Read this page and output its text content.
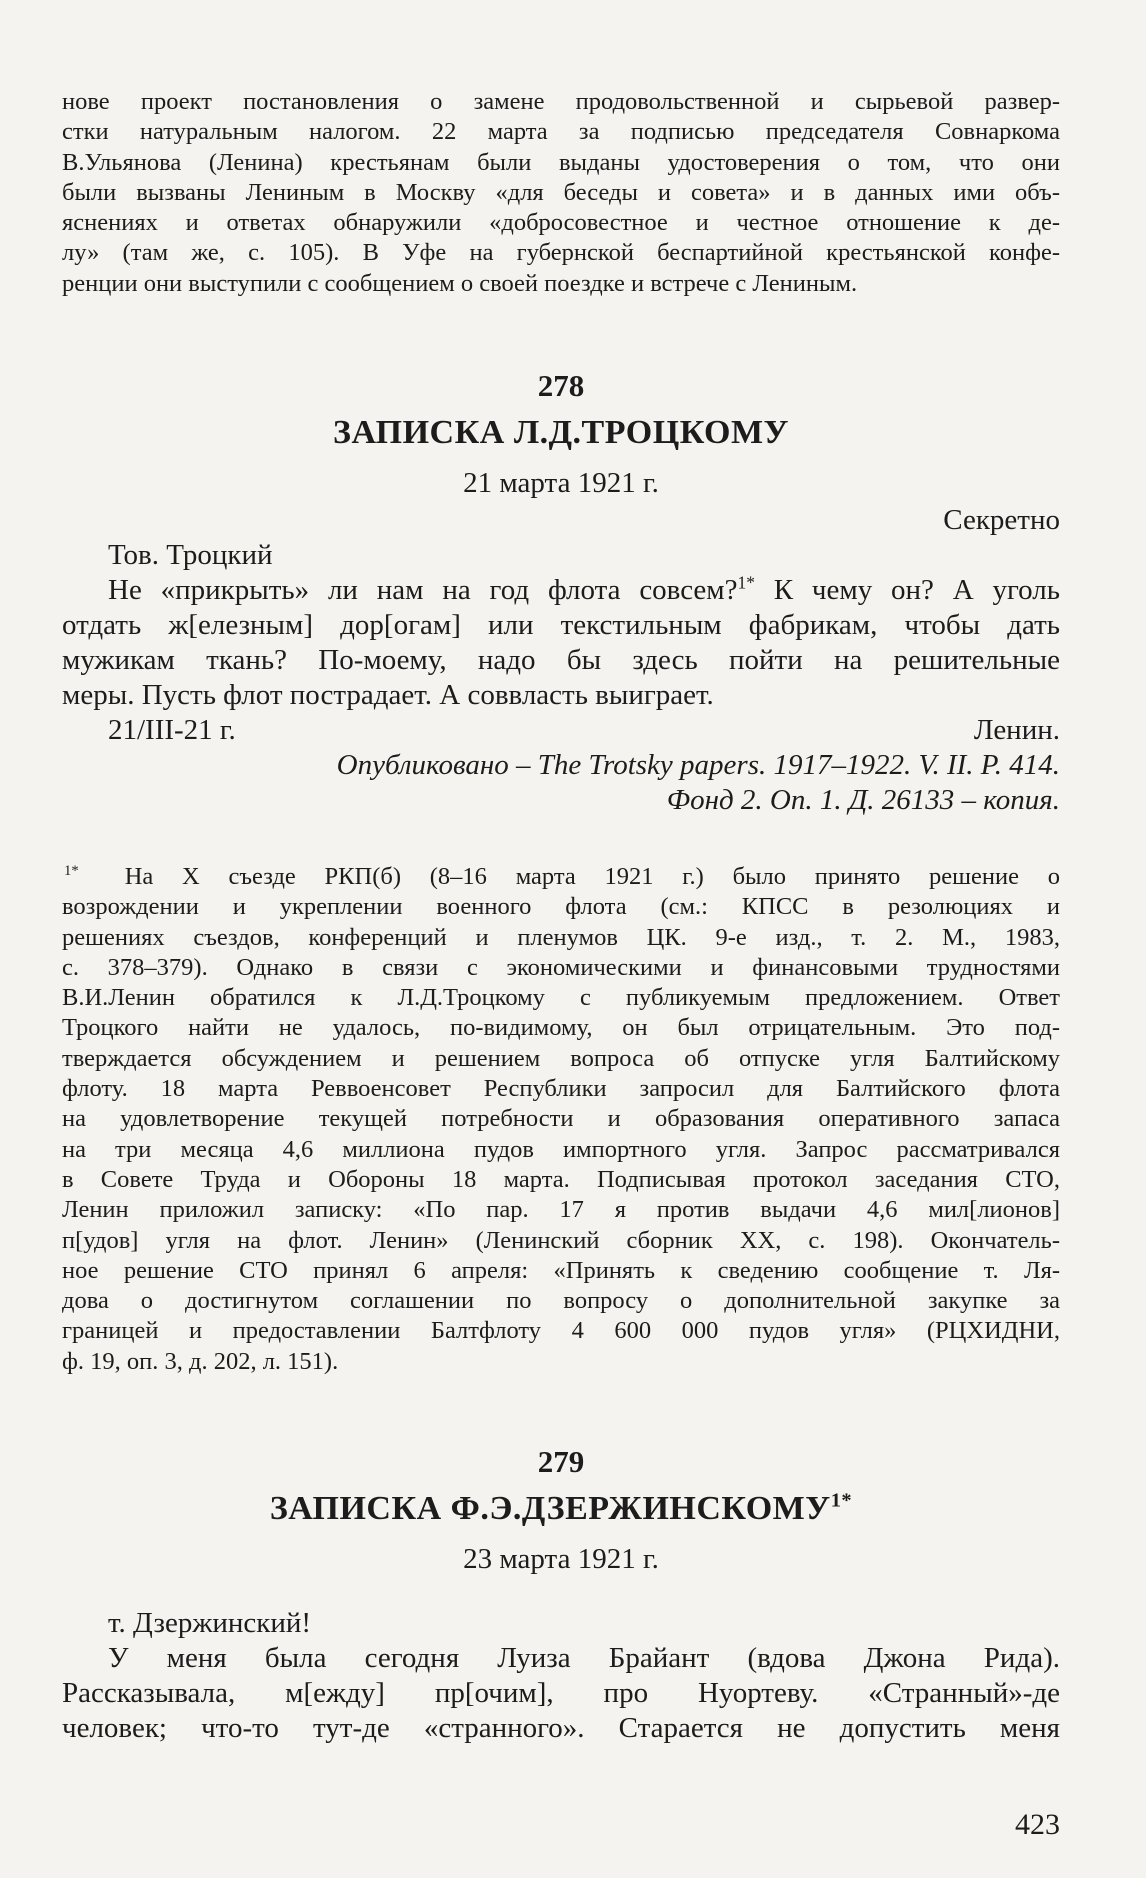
нове проект постановления о замене продовольственной и сырьевой развер-
стки натуральным налогом. 22 марта за подписью председателя Совнаркома
В.Ульянова (Ленина) крестьянам были выданы удостоверения о том, что они
были вызваны Лениным в Москву «для беседы и совета» и в данных ими объ-
яснениях и ответах обнаружили «добросовестное и честное отношение к де-
лу» (там же, с. 105). В Уфе на губернской беспартийной крестьянской конфе-
ренции они выступили с сообщением о своей поездке и встрече с Лениным.
278
ЗАПИСКА Л.Д.ТРОЦКОМУ
21 марта 1921 г.
Секретно
Тов. Троцкий
Не «прикрыть» ли нам на год флота совсем?$^{1*}$ К чему он? А уголь
отдать ж[елезным] дор[огам] или текстильным фабрикам, чтобы дать
мужикам ткань? По-моему, надо бы здесь пойти на решительные
меры. Пусть флот пострадает. А соввласть выиграет.
21/III-21 г.	Ленин.
Опубликовано – The Trotsky papers. 1917–1922. V. II. P. 414.
Фонд 2. Оп. 1. Д. 26133 – копия.
$^{1*}$ На X съезде РКП(б) (8–16 марта 1921 г.) было принято решение о
возрождении и укреплении военного флота (см.: КПСС в резолюциях и
решениях съездов, конференций и пленумов ЦК. 9-е изд., т. 2. М., 1983,
с. 378–379). Однако в связи с экономическими и финансовыми трудностями
В.И.Ленин обратился к Л.Д.Троцкому с публикуемым предложением. Ответ
Троцкого найти не удалось, по-видимому, он был отрицательным. Это под-
тверждается обсуждением и решением вопроса об отпуске угля Балтийскому
флоту. 18 марта Реввоенсовет Республики запросил для Балтийского флота
на удовлетворение текущей потребности и образования оперативного запаса
на три месяца 4,6 миллиона пудов импортного угля. Запрос рассматривался
в Совете Труда и Обороны 18 марта. Подписывая протокол заседания СТО,
Ленин приложил записку: «По пар. 17 я против выдачи 4,6 мил[лионов]
п[удов] угля на флот. Ленин» (Ленинский сборник XX, с. 198). Окончатель-
ное решение СТО принял 6 апреля: «Принять к сведению сообщение т. Ля-
дова о достигнутом соглашении по вопросу о дополнительной закупке за
границей и предоставлении Балтфлоту 4 600 000 пудов угля» (РЦХИДНИ,
ф. 19, оп. 3, д. 202, л. 151).
279
ЗАПИСКА $Ф.Э.ДЗЕРЖИНСКОМУ^{1*}$
23 марта 1921 г.
т. Дзержинский!
У меня была сегодня Луиза Брайант (вдова Джона Рида).
Рассказывала, м[ежду] пр[очим], про Нуортеву. «Странный»-де
человек; что-то тут-де «странного». Старается не допустить меня
423
